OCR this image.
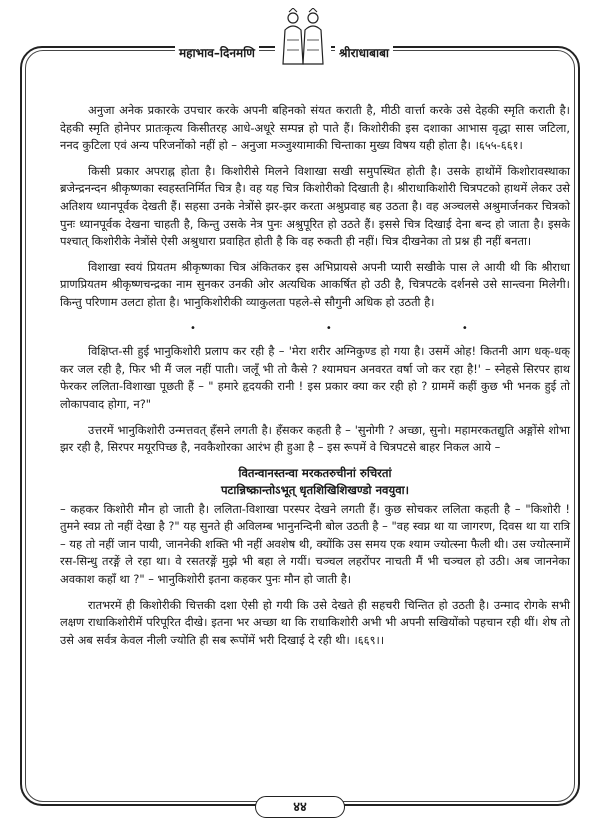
महाभाव–दिनमणि	श्रीराधाबाबा

अनुजा अनेक प्रकारके उपचार करके अपनी बहिनको संयत कराती है, मीठी वार्त्ता करके उसे देहकी स्मृति कराती है। देहकी स्मृति होनेपर प्रातःकृत्य किसीतरह आधे-अधूरे सम्पन्न हो पाते हैं। किशोरीकी इस दशाका आभास वृद्धा सास जटिला, ननद कुटिला एवं अन्य परिजनोंको नहीं हो – अनुजा मञ्जुश्यामाकी चिन्ताका मुख्य विषय यही होता है। ।६५५-६६१।

किसी प्रकार अपराह्न होता है। किशोरीसे मिलने विशाखा सखी समुपस्थित होती है। उसके हाथोंमें किशोरावस्थाका ब्रजेन्द्रनन्दन श्रीकृष्णका स्वहस्तनिर्मित चित्र है। वह यह चित्र किशोरीको दिखाती है। श्रीराधाकिशोरी चित्रपटको हाथमें लेकर उसे अतिशय ध्यानपूर्वक देखती हैं। सहसा उनके नेत्रोंसे झर-झर करता अश्रुप्रवाह बह उठता है। वह अञ्चलसे अश्रुमार्जनकर चित्रको पुनः ध्यानपूर्वक देखना चाहती है, किन्तु उसके नेत्र पुनः अश्रुपूरित हो उठते हैं। इससे चित्र दिखाई देना बन्द हो जाता है। इसके पश्चात् किशोरीके नेत्रोंसे ऐसी अश्रुधारा प्रवाहित होती है कि वह रुकती ही नहीं। चित्र दीखनेका तो प्रश्न ही नहीं बनता।

विशाखा स्वयं प्रियतम श्रीकृष्णका चित्र अंकितकर इस अभिप्रायसे अपनी प्यारी सखीके पास ले आयी थी कि श्रीराधा प्राणप्रियतम श्रीकृष्णचन्द्रका नाम सुनकर उनकी ओर अत्यधिक आकर्षित हो उठी है, चित्रपटके दर्शनसे उसे सान्त्वना मिलेगी। किन्तु परिणाम उलटा होता है। भानुकिशोरीकी व्याकुलता पहले-से सौगुनी अधिक हो उठती है।

•••

विक्षिप्त-सी हुई भानुकिशोरी प्रलाप कर रही है – 'मेरा शरीर अग्निकुण्ड हो गया है। उसमें ओह! कितनी आग धक्-धक् कर जल रही है, फिर भी मैं जल नहीं पाती। जलूँ भी तो कैसे ? श्यामघन अनवरत वर्षा जो कर रहा है!' – स्नेहसे सिरपर हाथ फेरकर ललिता-विशाखा पूछती हैं – " हमारे हृदयकी रानी ! इस प्रकार क्या कर रही हो ? ग्राममें कहीं कुछ भी भनक हुई तो लोकापवाद होगा, न?"

उत्तरमें भानुकिशोरी उन्मत्तवत् हँसने लगती है। हँसकर कहती है – 'सुनोगी ? अच्छा, सुनो। महामरकतद्युति अङ्गोंसे शोभा झर रही है, सिरपर मयूरपिच्छ है, नवकैशोरका आरंभ ही हुआ है – इस रूपमें वे चित्रपटसे बाहर निकल आये –

वितन्वानस्तन्वा मरकतरुचीनां रुचिरतां
पटान्निष्क्रान्तोऽभूत् धृतशिखिशिखण्डो नवयुवा।

– कहकर किशोरी मौन हो जाती है। ललिता-विशाखा परस्पर देखने लगती हैं। कुछ सोचकर ललिता कहती है – "किशोरी ! तुमने स्वप्न तो नहीं देखा है ?" यह सुनते ही अविलम्ब भानुनन्दिनी बोल उठती है – "वह स्वप्न था या जागरण, दिवस था या रात्रि – यह तो नहीं जान पायी, जाननेकी शक्ति भी नहीं अवशेष थी, क्योंकि उस समय एक श्याम ज्योत्स्ना फैली थी। उस ज्योत्स्नामें रस-सिन्धु तरङ्गें ले रहा था। वे रसतरङ्गें मुझे भी बहा ले गयीं। चञ्चल लहरोंपर नाचती मैं भी चञ्चल हो उठी। अब जाननेका अवकाश कहाँ था ?" – भानुकिशोरी इतना कहकर पुनः मौन हो जाती है।

रातभरमें ही किशोरीकी चित्तकी दशा ऐसी हो गयी कि उसे देखते ही सहचरी चिन्तित हो उठती है। उन्माद रोगके सभी लक्षण राधाकिशोरीमें परिपूरित दीखे। इतना भर अच्छा था कि राधाकिशोरी अभी भी अपनी सखियोंको पहचान रही थीं। शेष तो उसे अब सर्वत्र केवल नीली ज्योति ही सब रूपोंमें भरी दिखाई दे रही थी। ।६६९।।

४४
